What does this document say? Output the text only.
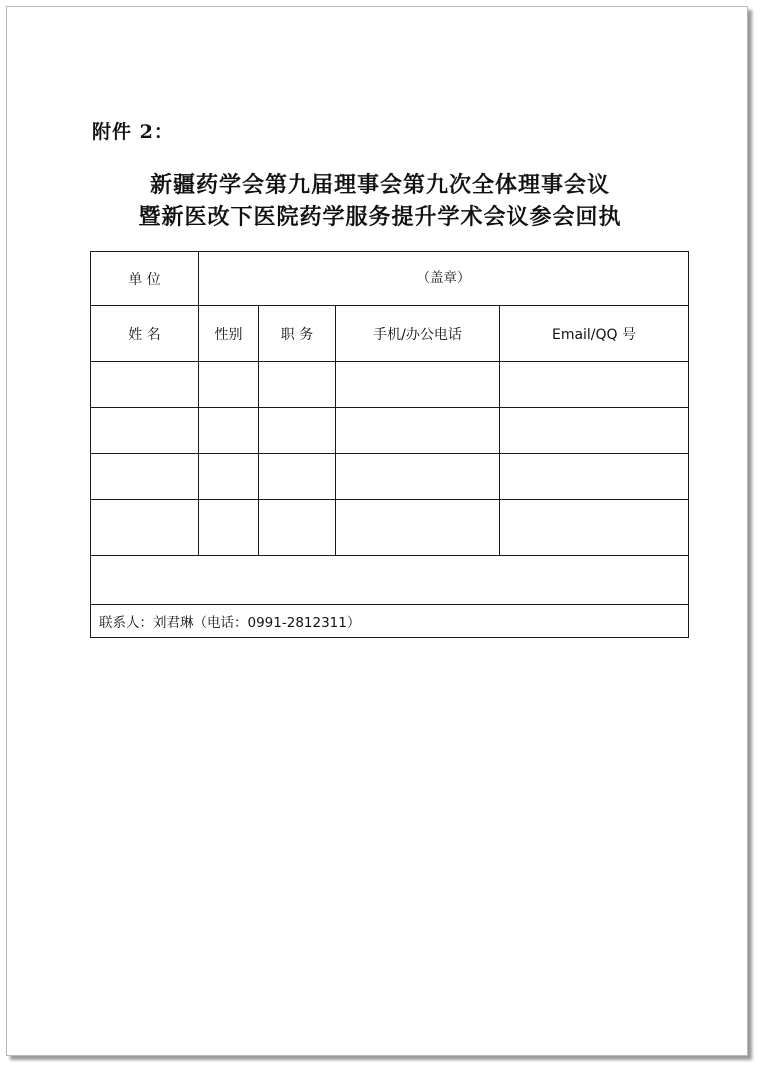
附件 2：
新疆药学会第九届理事会第九次全体理事会议
暨新医改下医院药学服务提升学术会议参会回执
单 位	（盖章）			
姓 名	性别	职 务	手机/办公电话	Email/QQ 号

联系人：刘君琳（电话：0991-2812311）				
